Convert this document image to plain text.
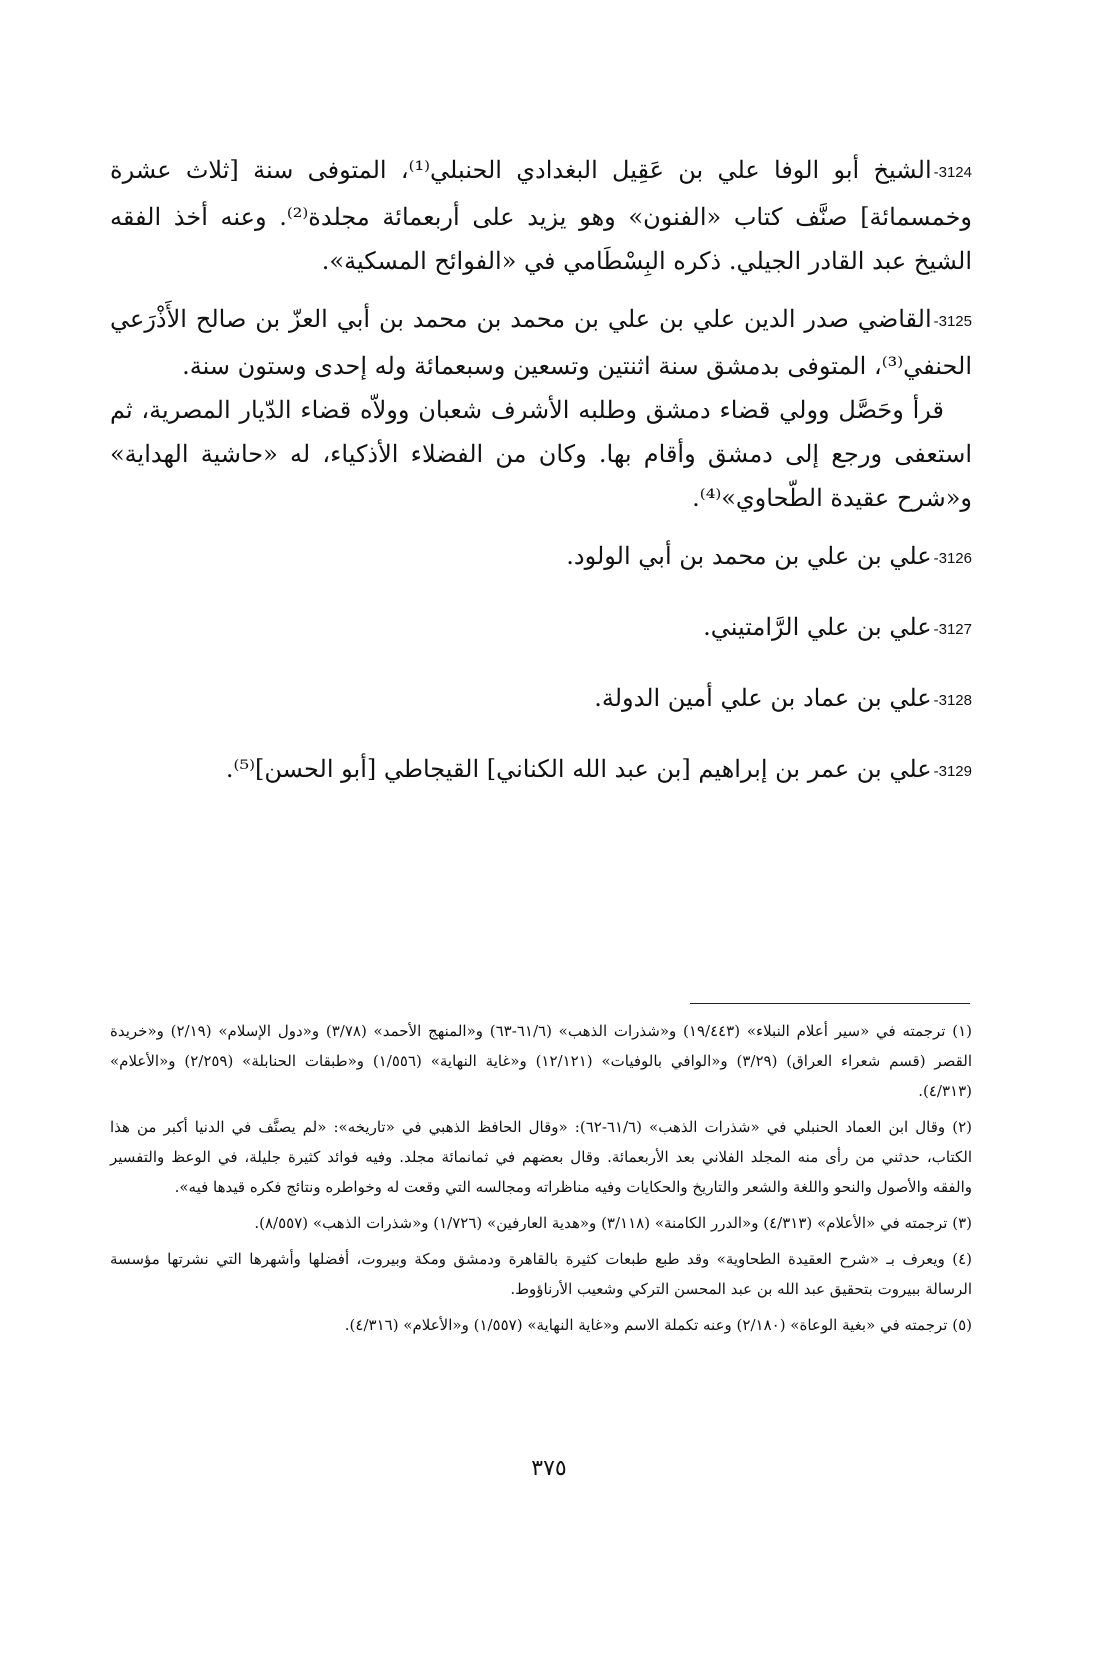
3124-الشيخ أبو الوفا علي بن عَقِيل البغدادي الحنبلي⁽¹⁾، المتوفى سنة [ثلاث عشرة وخمسمائة] صنَّف كتاب «الفنون» وهو يزيد على أربعمائة مجلدة⁽²⁾. وعنه أخذ الفقه الشيخ عبد القادر الجيلي. ذكره البِسْطَامي في «الفوائح المسكية».
3125-القاضي صدر الدين علي بن علي بن محمد بن محمد بن أبي العزّ بن صالح الأَذْرَعي الحنفي⁽³⁾، المتوفى بدمشق سنة اثنتين وتسعين وسبعمائة وله إحدى وستون سنة.
قرأ وحَصَّل وولي قضاء دمشق وطلبه الأشرف شعبان وولاّه قضاء الدّيار المصرية، ثم استعفى ورجع إلى دمشق وأقام بها. وكان من الفضلاء الأذكياء، له «حاشية الهداية» و«شرح عقيدة الطّحاوي»⁽⁴⁾.
3126-علي بن علي بن محمد بن أبي الولود.
3127-علي بن علي الرَّامتيني.
3128-علي بن عماد بن علي أمين الدولة.
3129-علي بن عمر بن إبراهيم [بن عبد الله الكناني] القيجاطي [أبو الحسن]⁽⁵⁾.
(١) ترجمته في «سير أعلام النبلاء» (١٩/٤٤٣) و«شذرات الذهب» (٦١/٦-٦٣) و«المنهج الأحمد» (٣/٧٨) و«دول الإسلام» (٢/١٩) و«خريدة القصر (قسم شعراء العراق) (٣/٢٩) و«الوافي بالوفيات» (١٢/١٢١) و«غاية النهاية» (١/٥٥٦) و«طبقات الحنابلة» (٢/٢٥٩) و«الأعلام» (٤/٣١٣).
(٢) وقال ابن العماد الحنبلي في «شذرات الذهب» (٦١/٦-٦٢): «وقال الحافظ الذهبي في «تاريخه»: «لم يصنَّف في الدنيا أكبر من هذا الكتاب، حدثني من رأى منه المجلد الفلاني بعد الأربعمائة. وقال بعضهم في ثمانمائة مجلد. وفيه فوائد كثيرة جليلة، في الوعظ والتفسير والفقه والأصول والنحو واللغة والشعر والتاريخ والحكايات وفيه مناظراته ومجالسه التي وقعت له وخواطره ونتائج فكره قيدها فيه».
(٣) ترجمته في «الأعلام» (٤/٣١٣) و«الدرر الكامنة» (٣/١١٨) و«هدية العارفين» (١/٧٢٦) و«شذرات الذهب» (٨/٥٥٧).
(٤) ويعرف بـ «شرح العقيدة الطحاوية» وقد طبع طبعات كثيرة بالقاهرة ودمشق ومكة وبيروت، أفضلها وأشهرها التي نشرتها مؤسسة الرسالة ببيروت بتحقيق عبد الله بن عبد المحسن التركي وشعيب الأرناؤوط.
(٥) ترجمته في «بغية الوعاة» (٢/١٨٠) وعنه تكملة الاسم و«غاية النهاية» (١/٥٥٧) و«الأعلام» (٤/٣١٦).
٣٧٥
